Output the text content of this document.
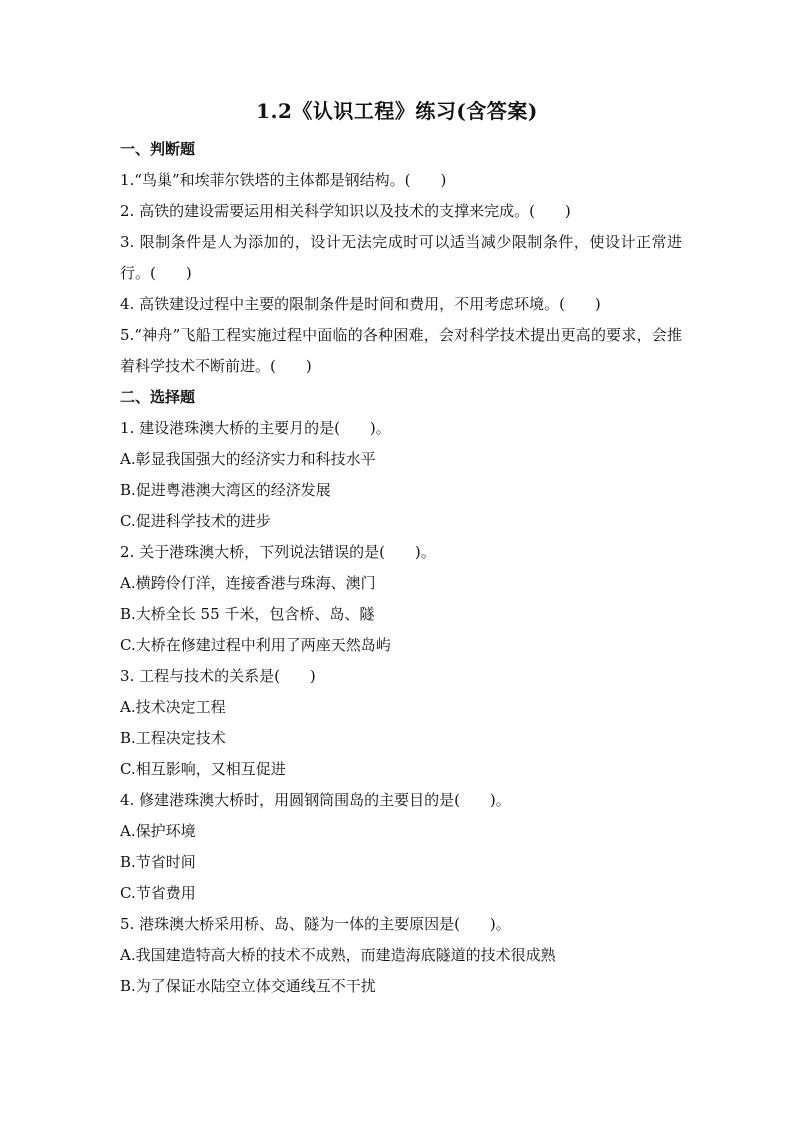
1.2《认识工程》练习(含答案)

一、判断题

1.“鸟巢”和埃菲尔铁塔的主体都是钢结构。(　　)

2. 高铁的建设需要运用相关科学知识以及技术的支撑来完成。(　　)

3. 限制条件是人为添加的，设计无法完成时可以适当减少限制条件，使设计正常进行。(　　)

4. 高铁建设过程中主要的限制条件是时间和费用，不用考虑环境。(　　)

5.“神舟”飞船工程实施过程中面临的各种困难，会对科学技术提出更高的要求，会推着科学技术不断前进。(　　)

二、选择题

1. 建设港珠澳大桥的主要月的是(　　)。

A.彰显我国强大的经济实力和科技水平

B.促进粤港澳大湾区的经济发展

C.促进科学技术的进步

2. 关于港珠澳大桥，下列说法错误的是(　　)。

A.横跨伶仃洋，连接香港与珠海、澳门

B.大桥全长 55 千米，包含桥、岛、隧

C.大桥在修建过程中利用了两座天然岛屿

3. 工程与技术的关系是(　　)

A.技术决定工程

B.工程决定技术

C.相互影响，又相互促进

4. 修建港珠澳大桥时，用圆钢筒围岛的主要目的是(　　)。

A.保护环境

B.节省时间

C.节省费用

5. 港珠澳大桥采用桥、岛、隧为一体的主要原因是(　　)。

A.我国建造特高大桥的技术不成熟，而建造海底隧道的技术很成熟

B.为了保证水陆空立体交通线互不干扰
